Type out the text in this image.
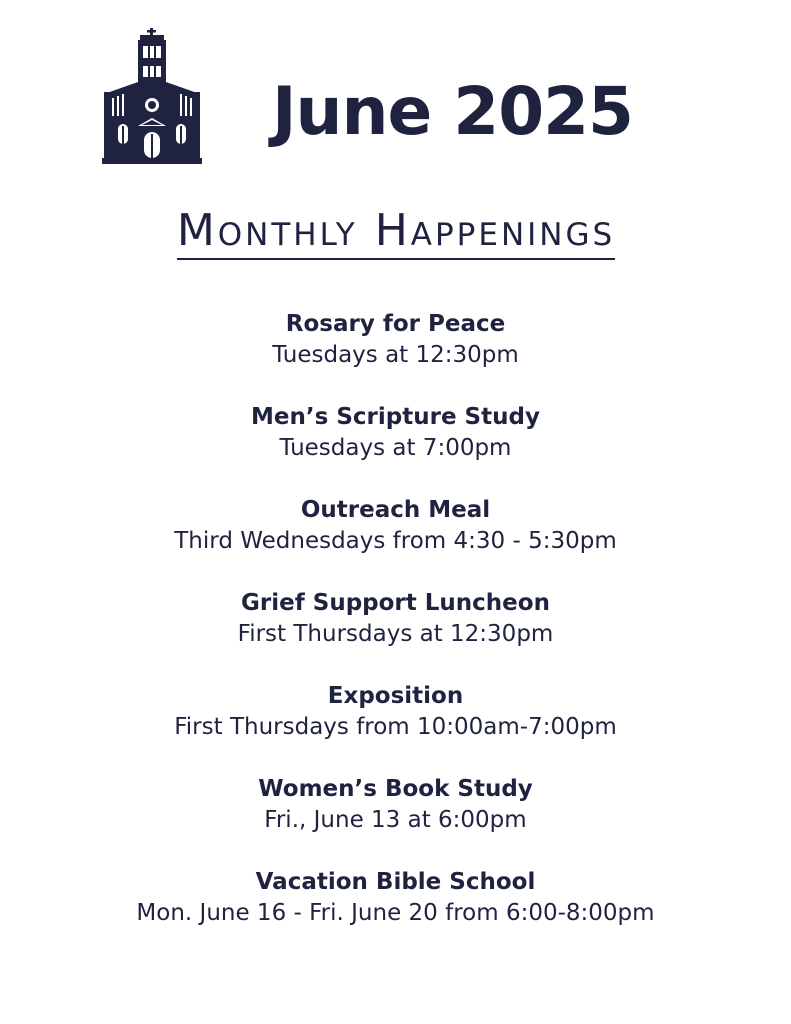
June 2025
Monthly Happenings
Rosary for Peace
Tuesdays at 12:30pm
Men’s Scripture Study
Tuesdays at 7:00pm
Outreach Meal
Third Wednesdays from 4:30 - 5:30pm
Grief Support Luncheon
First Thursdays at 12:30pm
Exposition
First Thursdays from 10:00am-7:00pm
Women’s Book Study
Fri., June 13 at 6:00pm
Vacation Bible School
Mon. June 16 - Fri. June 20 from 6:00-8:00pm
